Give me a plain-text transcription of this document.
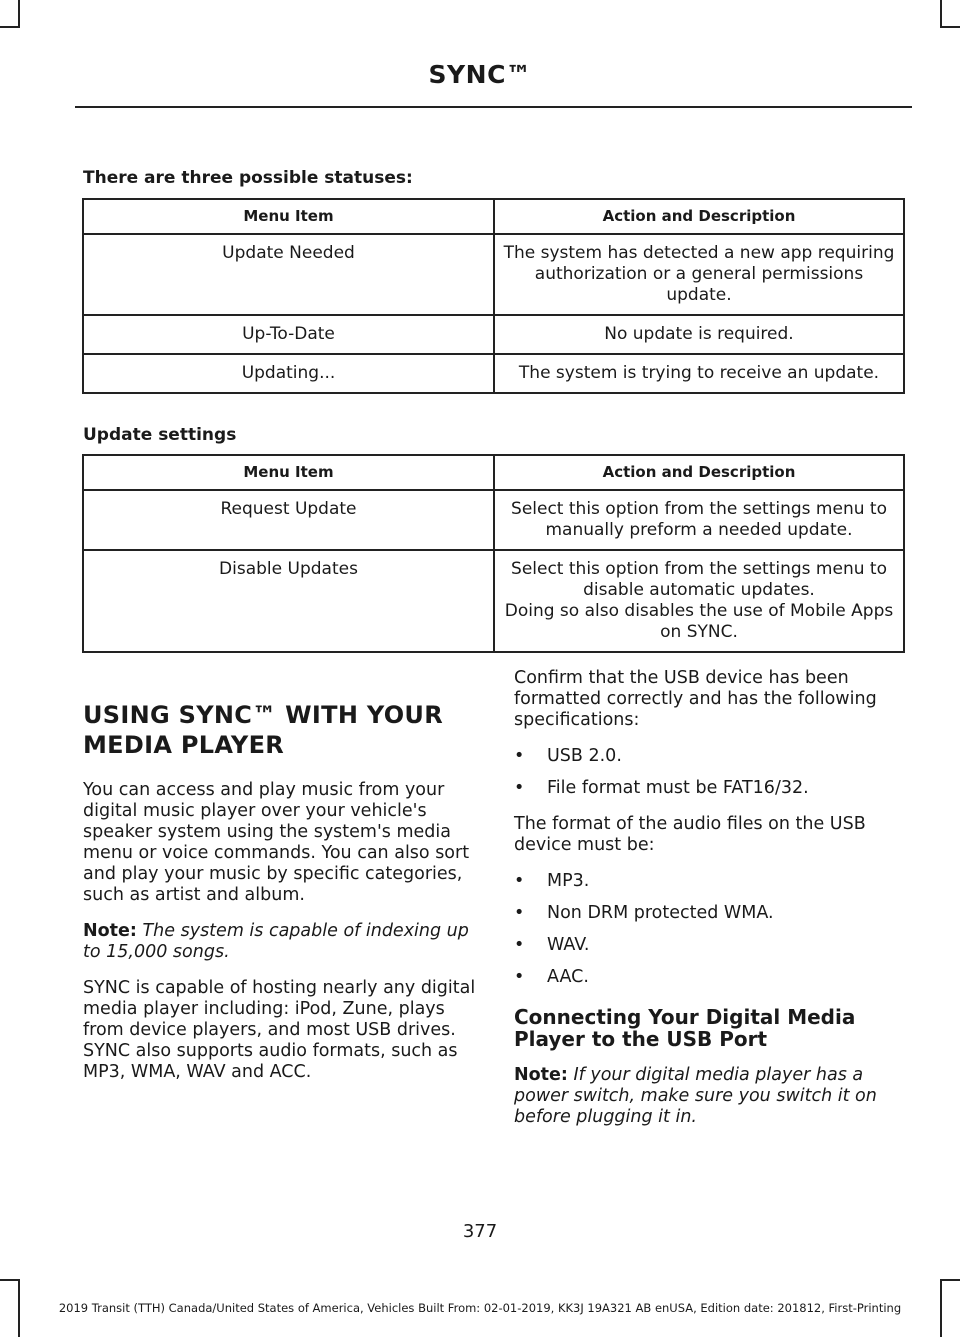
SYNC™
There are three possible statuses:
Menu Item	Action and Description
Update Needed	The system has detected a new app requiring authorization or a general permissions update.
Up-To-Date	No update is required.
Updating...	The system is trying to receive an update.
Update settings
Menu Item	Action and Description
Request Update	Select this option from the settings menu to manually preform a needed update.

Disable Updates	Select this option from the settings menu to disable automatic updates.
Doing so also disables the use of Mobile Apps on SYNC.
USING SYNC™ WITH YOUR MEDIA PLAYER

You can access and play music from your digital music player over your vehicle's speaker system using the system's media menu or voice commands. You can also sort and play your music by specific categories, such as artist and album.

Note: The system is capable of indexing up to 15,000 songs.

SYNC is capable of hosting nearly any digital media player including: iPod, Zune, plays from device players, and most USB drives. SYNC also supports audio formats, such as MP3, WMA, WAV and ACC.

Confirm that the USB device has been formatted correctly and has the following specifications:

•	USB 2.0.
•	File format must be FAT16/32.

The format of the audio files on the USB device must be:

•	MP3.
•	Non DRM protected WMA.
•	WAV.
•	AAC.
Connecting Your Digital Media Player to the USB Port

Note: If your digital media player has a power switch, make sure you switch it on before plugging it in.

377
2019 Transit (TTH) Canada/United States of America, Vehicles Built From: 02-01-2019, KK3J 19A321 AB enUSA, Edition date: 201812, First-Printing
